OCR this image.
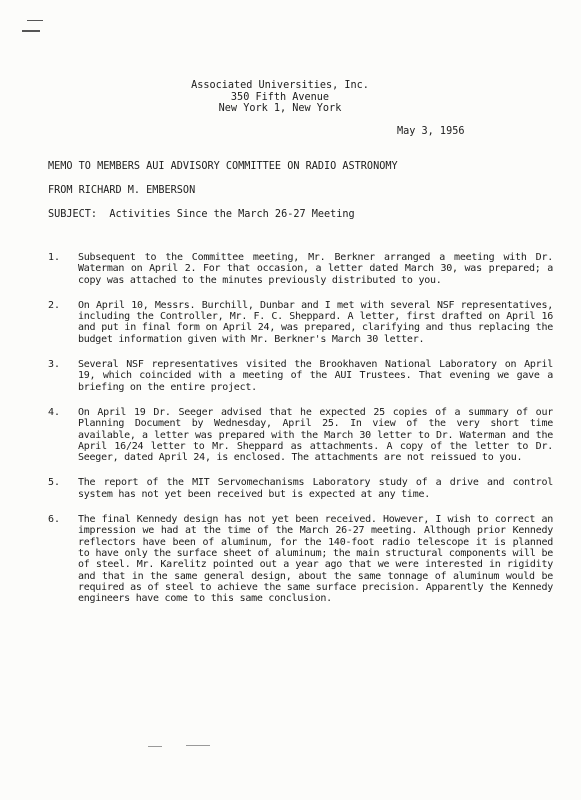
Associated Universities, Inc.
350 Fifth Avenue
New York 1, New York
May 3, 1956
MEMO TO MEMBERS AUI ADVISORY COMMITTEE ON RADIO ASTRONOMY
FROM RICHARD M. EMBERSON
SUBJECT:  Activities Since the March 26-27 Meeting
1.	Subsequent to the Committee meeting, Mr. Berkner arranged a meeting with Dr. Waterman on April 2. For that occasion, a letter dated March 30, was prepared; a copy was attached to the minutes previously distributed to you.
2.	On April 10, Messrs. Burchill, Dunbar and I met with several NSF representatives, including the Controller, Mr. F. C. Sheppard. A letter, first drafted on April 16 and put in final form on April 24, was prepared, clarifying and thus replacing the budget information given with Mr. Berkner's March 30 letter.
3.	Several NSF representatives visited the Brookhaven National Laboratory on April 19, which coincided with a meeting of the AUI Trustees. That evening we gave a briefing on the entire project.
4.	On April 19 Dr. Seeger advised that he expected 25 copies of a summary of our Planning Document by Wednesday, April 25. In view of the very short time available, a letter was prepared with the March 30 letter to Dr. Waterman and the April 16/24 letter to Mr. Sheppard as attachments. A copy of the letter to Dr. Seeger, dated April 24, is enclosed. The attachments are not reissued to you.
5.	The report of the MIT Servomechanisms Laboratory study of a drive and control system has not yet been received but is expected at any time.
6.	The final Kennedy design has not yet been received. However, I wish to correct an impression we had at the time of the March 26-27 meeting. Although prior Kennedy reflectors have been of aluminum, for the 140-foot radio telescope it is planned to have only the surface sheet of aluminum; the main structural components will be of steel. Mr. Karelitz pointed out a year ago that we were interested in rigidity and that in the same general design, about the same tonnage of aluminum would be required as of steel to achieve the same surface precision. Apparently the Kennedy engineers have come to this same conclusion.
